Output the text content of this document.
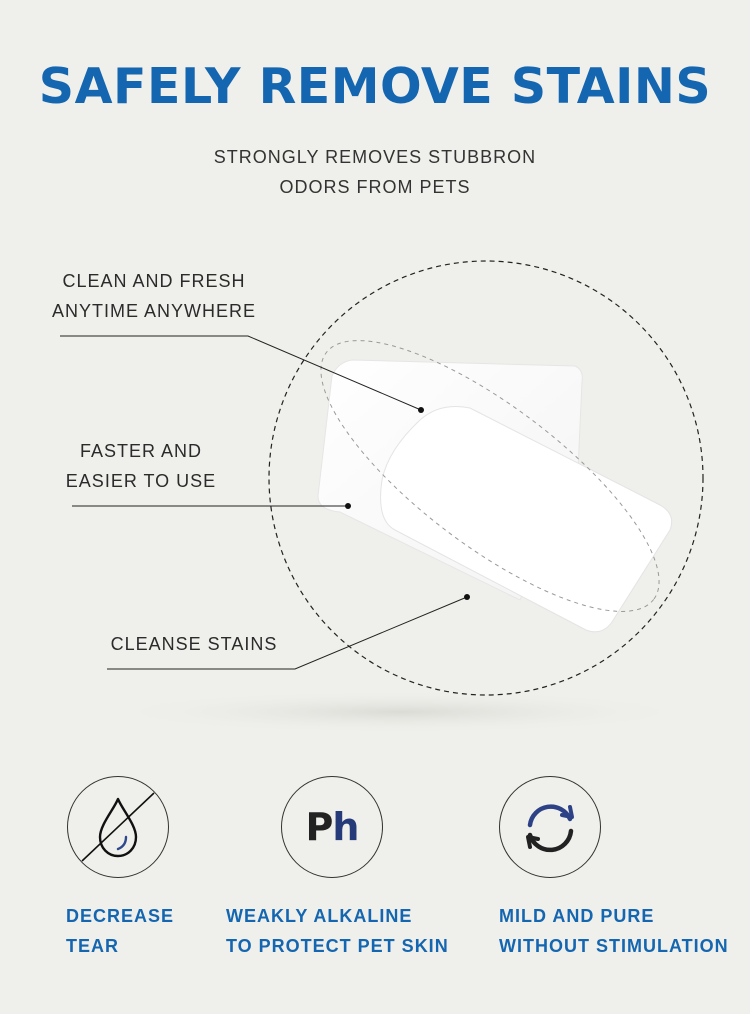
SAFELY REMOVE STAINS
STRONGLY REMOVES STUBBRON
ODORS FROM PETS
CLEAN AND FRESH
ANYTIME ANYWHERE
FASTER AND
EASIER TO USE
CLEANSE STAINS
P h
DECREASE
TEAR
WEAKLY ALKALINE
TO PROTECT PET SKIN
MILD AND PURE
WITHOUT STIMULATION
